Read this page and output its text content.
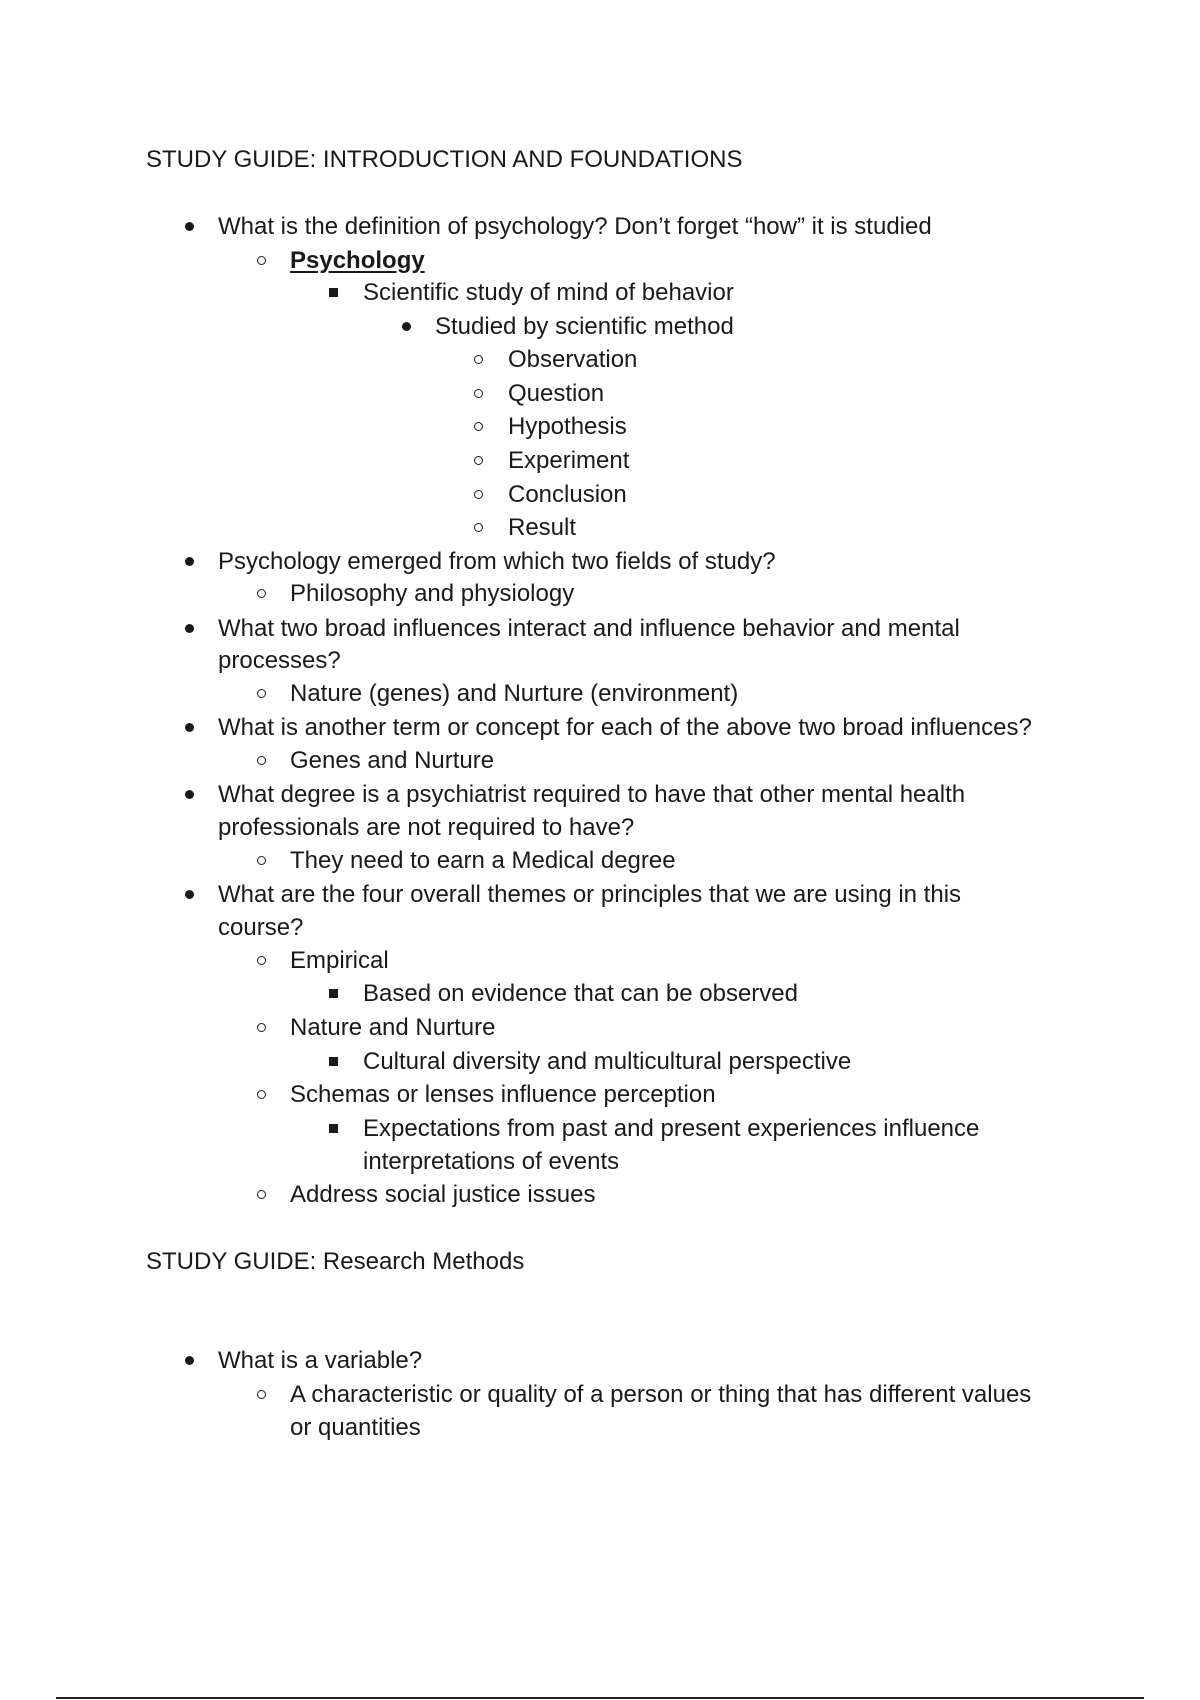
STUDY GUIDE: INTRODUCTION AND FOUNDATIONS
What is the definition of psychology? Don’t forget “how” it is studied
Psychology
Scientific study of mind of behavior
Studied by scientific method
Observation
Question
Hypothesis
Experiment
Conclusion
Result
Psychology emerged from which two fields of study?
Philosophy and physiology
What two broad influences interact and influence behavior and mental
processes?
Nature (genes) and Nurture (environment)
What is another term or concept for each of the above two broad influences?
Genes and Nurture
What degree is a psychiatrist required to have that other mental health
professionals are not required to have?
They need to earn a Medical degree
What are the four overall themes or principles that we are using in this
course?
Empirical
Based on evidence that can be observed
Nature and Nurture
Cultural diversity and multicultural perspective
Schemas or lenses influence perception
Expectations from past and present experiences influence
interpretations of events
Address social justice issues
STUDY GUIDE: Research Methods
What is a variable?
A characteristic or quality of a person or thing that has different values
or quantities
